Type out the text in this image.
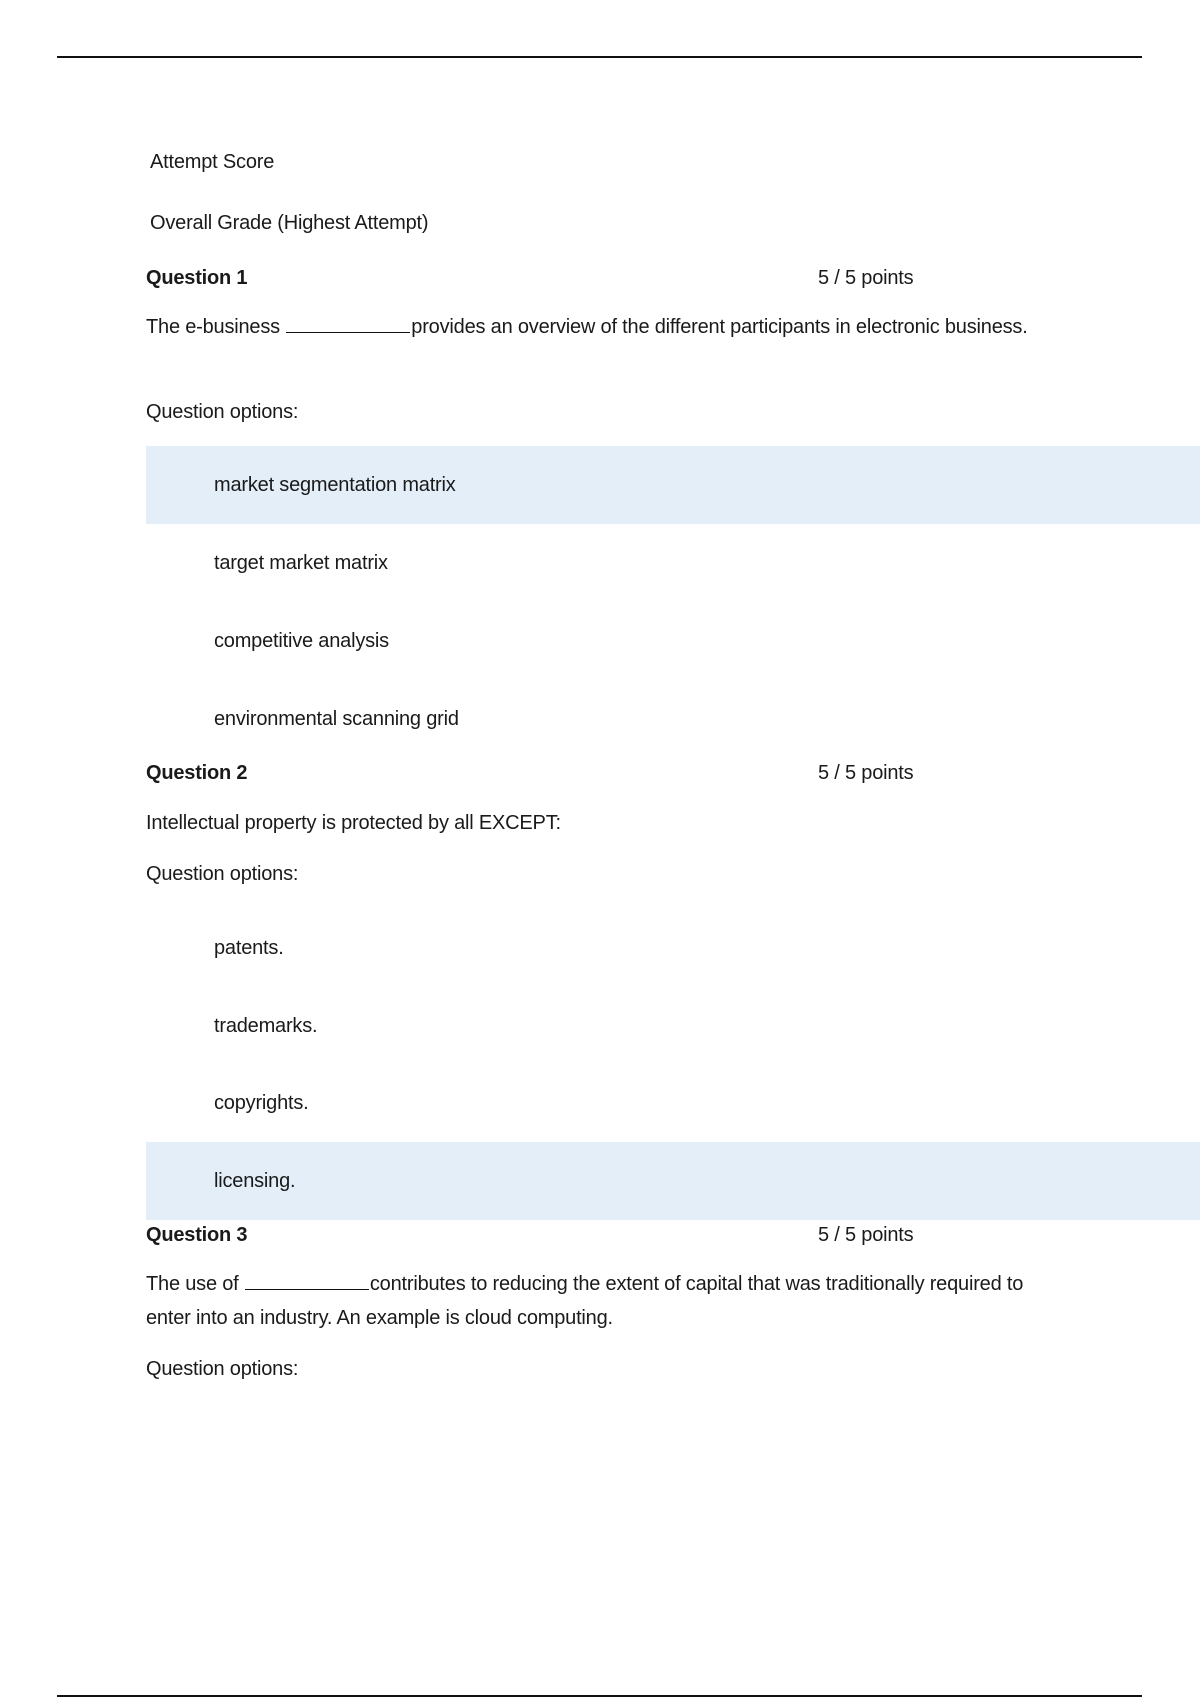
Attempt Score
Overall Grade (Highest Attempt)
Question 1	5 / 5 points
The e-business	provides an overview of the different participants in electronic business.
Question options:
market segmentation matrix
target market matrix
competitive analysis
environmental scanning grid
Question 2	5 / 5 points
Intellectual property is protected by all EXCEPT:
Question options:
patents.
trademarks.
copyrights.
licensing.
Question 3	5 / 5 points
The use of	contributes to reducing the extent of capital that was traditionally required to enter into an industry. An example is cloud computing.
Question options:
